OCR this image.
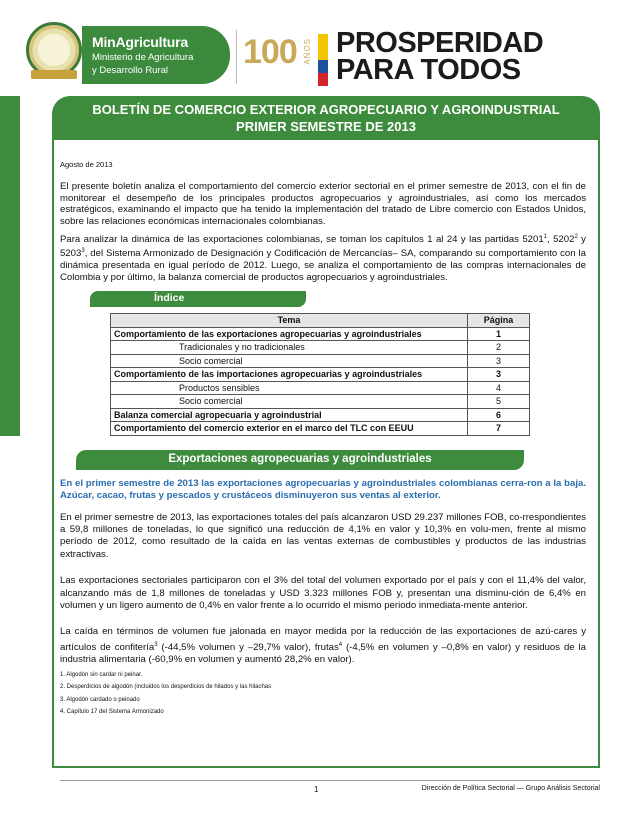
MinAgricultura
Ministerio de Agricultura
y Desarrollo Rural	100 AÑOS PROSPERIDAD
PARA TODOS
BOLETÍN DE COMERCIO EXTERIOR AGROPECUARIO Y AGROINDUSTRIAL
PRIMER SEMESTRE DE 2013
Agosto de 2013

El presente boletín analiza el comportamiento del comercio exterior sectorial en el primer semestre de 2013, con el fin de monitorear el desempeño de los principales productos agropecuarios y agroindustriales, así como los mercados estratégicos, examinando el impacto que ha tenido la implementación del tratado de Libre comercio con Estados Unidos, sobre las relaciones económicas internacionales colombianas.

Para analizar la dinámica de las exportaciones colombianas, se toman los capítulos 1 al 24 y las partidas 5201$^1$, 5202$^2$ y 5203$^3$, del Sistema Armonizado de Designación y Codificación de Mercancías– SA, comparando su comportamiento con la dinámica presentada en igual período de 2012. Luego, se analiza el comportamiento de las compras internacionales de Colombia y por último, la balanza comercial de productos agropecuarios y agroindustriales.

Índice
Tema	Página
Comportamiento de las exportaciones agropecuarias y agroindustriales	1
Tradicionales y no tradicionales	2
Socio comercial	3
Comportamiento de las importaciones agropecuarias y agroindustriales	3
Productos sensibles	4
Socio comercial	5
Balanza comercial agropecuaria y agroindustrial	6
Comportamiento del comercio exterior en el marco del TLC con EEUU	7
Exportaciones agropecuarias y agroindustriales

En el primer semestre de 2013 las exportaciones agropecuarias y agroindustriales colombianas cerra-ron a la baja. Azúcar, cacao, frutas y pescados y crustáceos disminuyeron sus ventas al exterior.

En el primer semestre de 2013, las exportaciones totales del país alcanzaron USD 29.237 millones FOB, co-rrespondientes a 59,8 millones de toneladas, lo que significó una reducción de 4,1% en valor y 10,3% en volu-men, frente al mismo período de 2012, como resultado de la caída en las ventas externas de combustibles y productos de las industrias extractivas.

Las exportaciones sectoriales participaron con el 3% del total del volumen exportado por el país y con el 11,4% del valor, alcanzando más de 1,8 millones de toneladas y USD 3.323 millones FOB y, presentan una disminu-ción de 6,4% en volumen y un ligero aumento de 0,4% en valor frente a lo ocurrido el mismo periodo inmediata-mente anterior.

La caída en términos de volumen fue jalonada en mayor medida por la reducción de las exportaciones de azú-cares y artículos de confitería$^3$ (-44,5% volumen y –29,7% valor), frutas$^4$ (-4,5% en volumen y –0,8% en valor) y residuos de la industria alimentaria (-60,9% en volumen y aumentó 28,2% en valor).

1. Algodón sin cardar ni peinar.
2. Desperdicios de algodón (incluidos los desperdicios de hilados y las hilachas
3. Algodón cardado o peinado
4. Capítulo 17 del Sistema Armonizado
1	Dirección de Política Sectorial — Grupo Análisis Sectorial
